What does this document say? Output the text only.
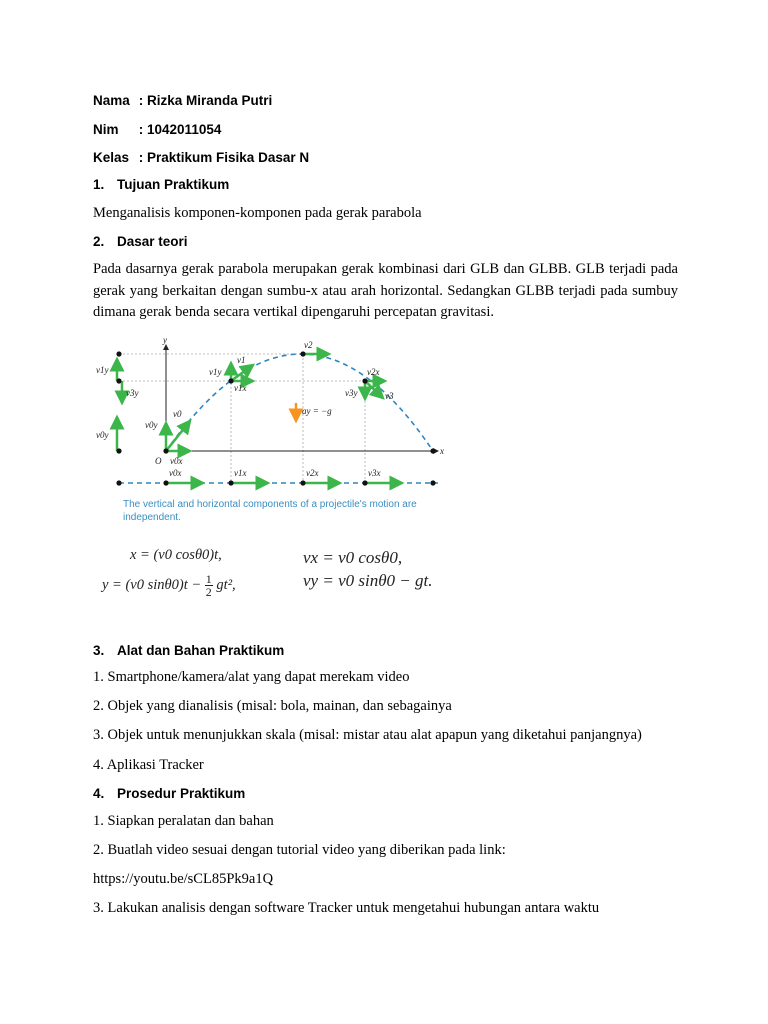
Nama : Rizka Miranda Putri
Nim : 1042011054
Kelas : Praktikum Fisika Dasar N
1. Tujuan Praktikum
Menganalisis komponen-komponen pada gerak parabola
2. Dasar teori
Pada dasarnya gerak parabola merupakan gerak kombinasi dari GLB dan GLBB. GLB terjadi pada gerak yang berkaitan dengan sumbu-x atau arah horizontal. Sedangkan GLBB terjadi pada sumbuy dimana gerak benda secara vertikal dipengaruhi percepatan gravitasi.
y
x
O
v0
v1
v2
v3
v0x
v0y
v1x
v1y	v2x
v3y
v1y
v3y
v0y
v0x	v1x	v2x	v3x
ay = −g
The vertical and horizontal components of a projectile's motion are independent.
x = (v0 cosθ0)t,
y = (v0 $\sin\theta 0)t - \frac{1}{2} gt^2$,
vx = v0 cosθ0,
vy = v0 sinθ0 − gt.
3. Alat dan Bahan Praktikum
1. Smartphone/kamera/alat yang dapat merekam video
2. Objek yang dianalisis (misal: bola, mainan, dan sebagainya
3. Objek untuk menunjukkan skala (misal: mistar atau alat apapun yang diketahui panjangnya)
4. Aplikasi Tracker
4. Prosedur Praktikum
1. Siapkan peralatan dan bahan
2. Buatlah video sesuai dengan tutorial video yang diberikan pada link:
https://youtu.be/sCL85Pk9a1Q
3. Lakukan analisis dengan software Tracker untuk mengetahui hubungan antara waktu
